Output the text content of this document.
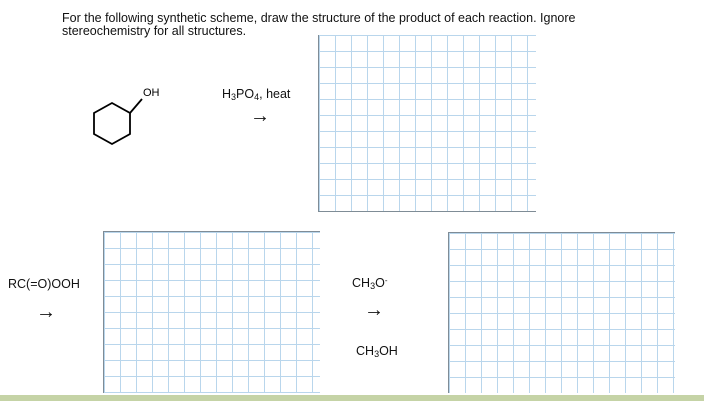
For the following synthetic scheme, draw the structure of the product of each reaction. Ignore
stereochemistry for all structures.
OH	$H_3PO_4$, heat
→
RC(=O)OOH
→
$CH_3O^-$
→
$CH_3OH$
